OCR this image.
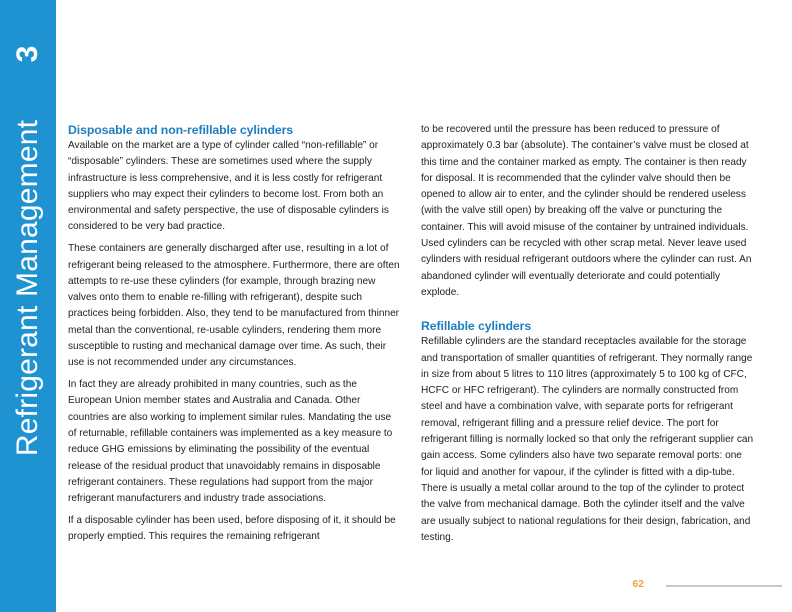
3
Refrigerant Management Disposable and non-refillable cylinders

Available on the market are a type of cylinder called “non-refillable” or “disposable” cylinders. These are sometimes used where the supply infrastructure is less comprehensive, and it is less costly for refrigerant suppliers who may expect their cylinders to become lost. From both an environmental and safety perspective, the use of disposable cylinders is considered to be very bad practice.

These containers are generally discharged after use, resulting in a lot of refrigerant being released to the atmosphere. Furthermore, there are often attempts to re-use these cylinders (for example, through brazing new valves onto them to enable re-filling with refrigerant), despite such practices being forbidden. Also, they tend to be manufactured from thinner metal than the conventional, re-usable cylinders, rendering them more susceptible to rusting and mechanical damage over time. As such, their use is not recommended under any circumstances.

In fact they are already prohibited in many countries, such as the European Union member states and Australia and Canada. Other countries are also working to implement similar rules. Mandating the use of returnable, refillable containers was implemented as a key measure to reduce GHG emissions by eliminating the possibility of the eventual release of the residual product that unavoidably remains in disposable refrigerant containers. These regulations had support from the major refrigerant manufacturers and industry trade associations.

If a disposable cylinder has been used, before disposing of it, it should be properly emptied. This requires the remaining refrigerant

to be recovered until the pressure has been reduced to pressure of approximately 0.3 bar (absolute). The container’s valve must be closed at this time and the container marked as empty. The container is then ready for disposal. It is recommended that the cylinder valve should then be opened to allow air to enter, and the cylinder should be rendered useless (with the valve still open) by breaking off the valve or puncturing the container. This will avoid misuse of the container by untrained individuals. Used cylinders can be recycled with other scrap metal. Never leave used cylinders with residual refrigerant outdoors where the cylinder can rust. An abandoned cylinder will eventually deteriorate and could potentially explode.

Refillable cylinders

Refillable cylinders are the standard receptacles available for the storage and transportation of smaller quantities of refrigerant. They normally range in size from about 5 litres to 110 litres (approximately 5 to 100 kg of CFC, HCFC or HFC refrigerant). The cylinders are normally constructed from steel and have a combination valve, with separate ports for refrigerant removal, refrigerant filling and a pressure relief device. The port for refrigerant filling is normally locked so that only the refrigerant supplier can gain access. Some cylinders also have two separate removal ports: one for liquid and another for vapour, if the cylinder is fitted with a dip-tube. There is usually a metal collar around to the top of the cylinder to protect the valve from mechanical damage. Both the cylinder itself and the valve are usually subject to national regulations for their design, fabrication, and testing.

62
